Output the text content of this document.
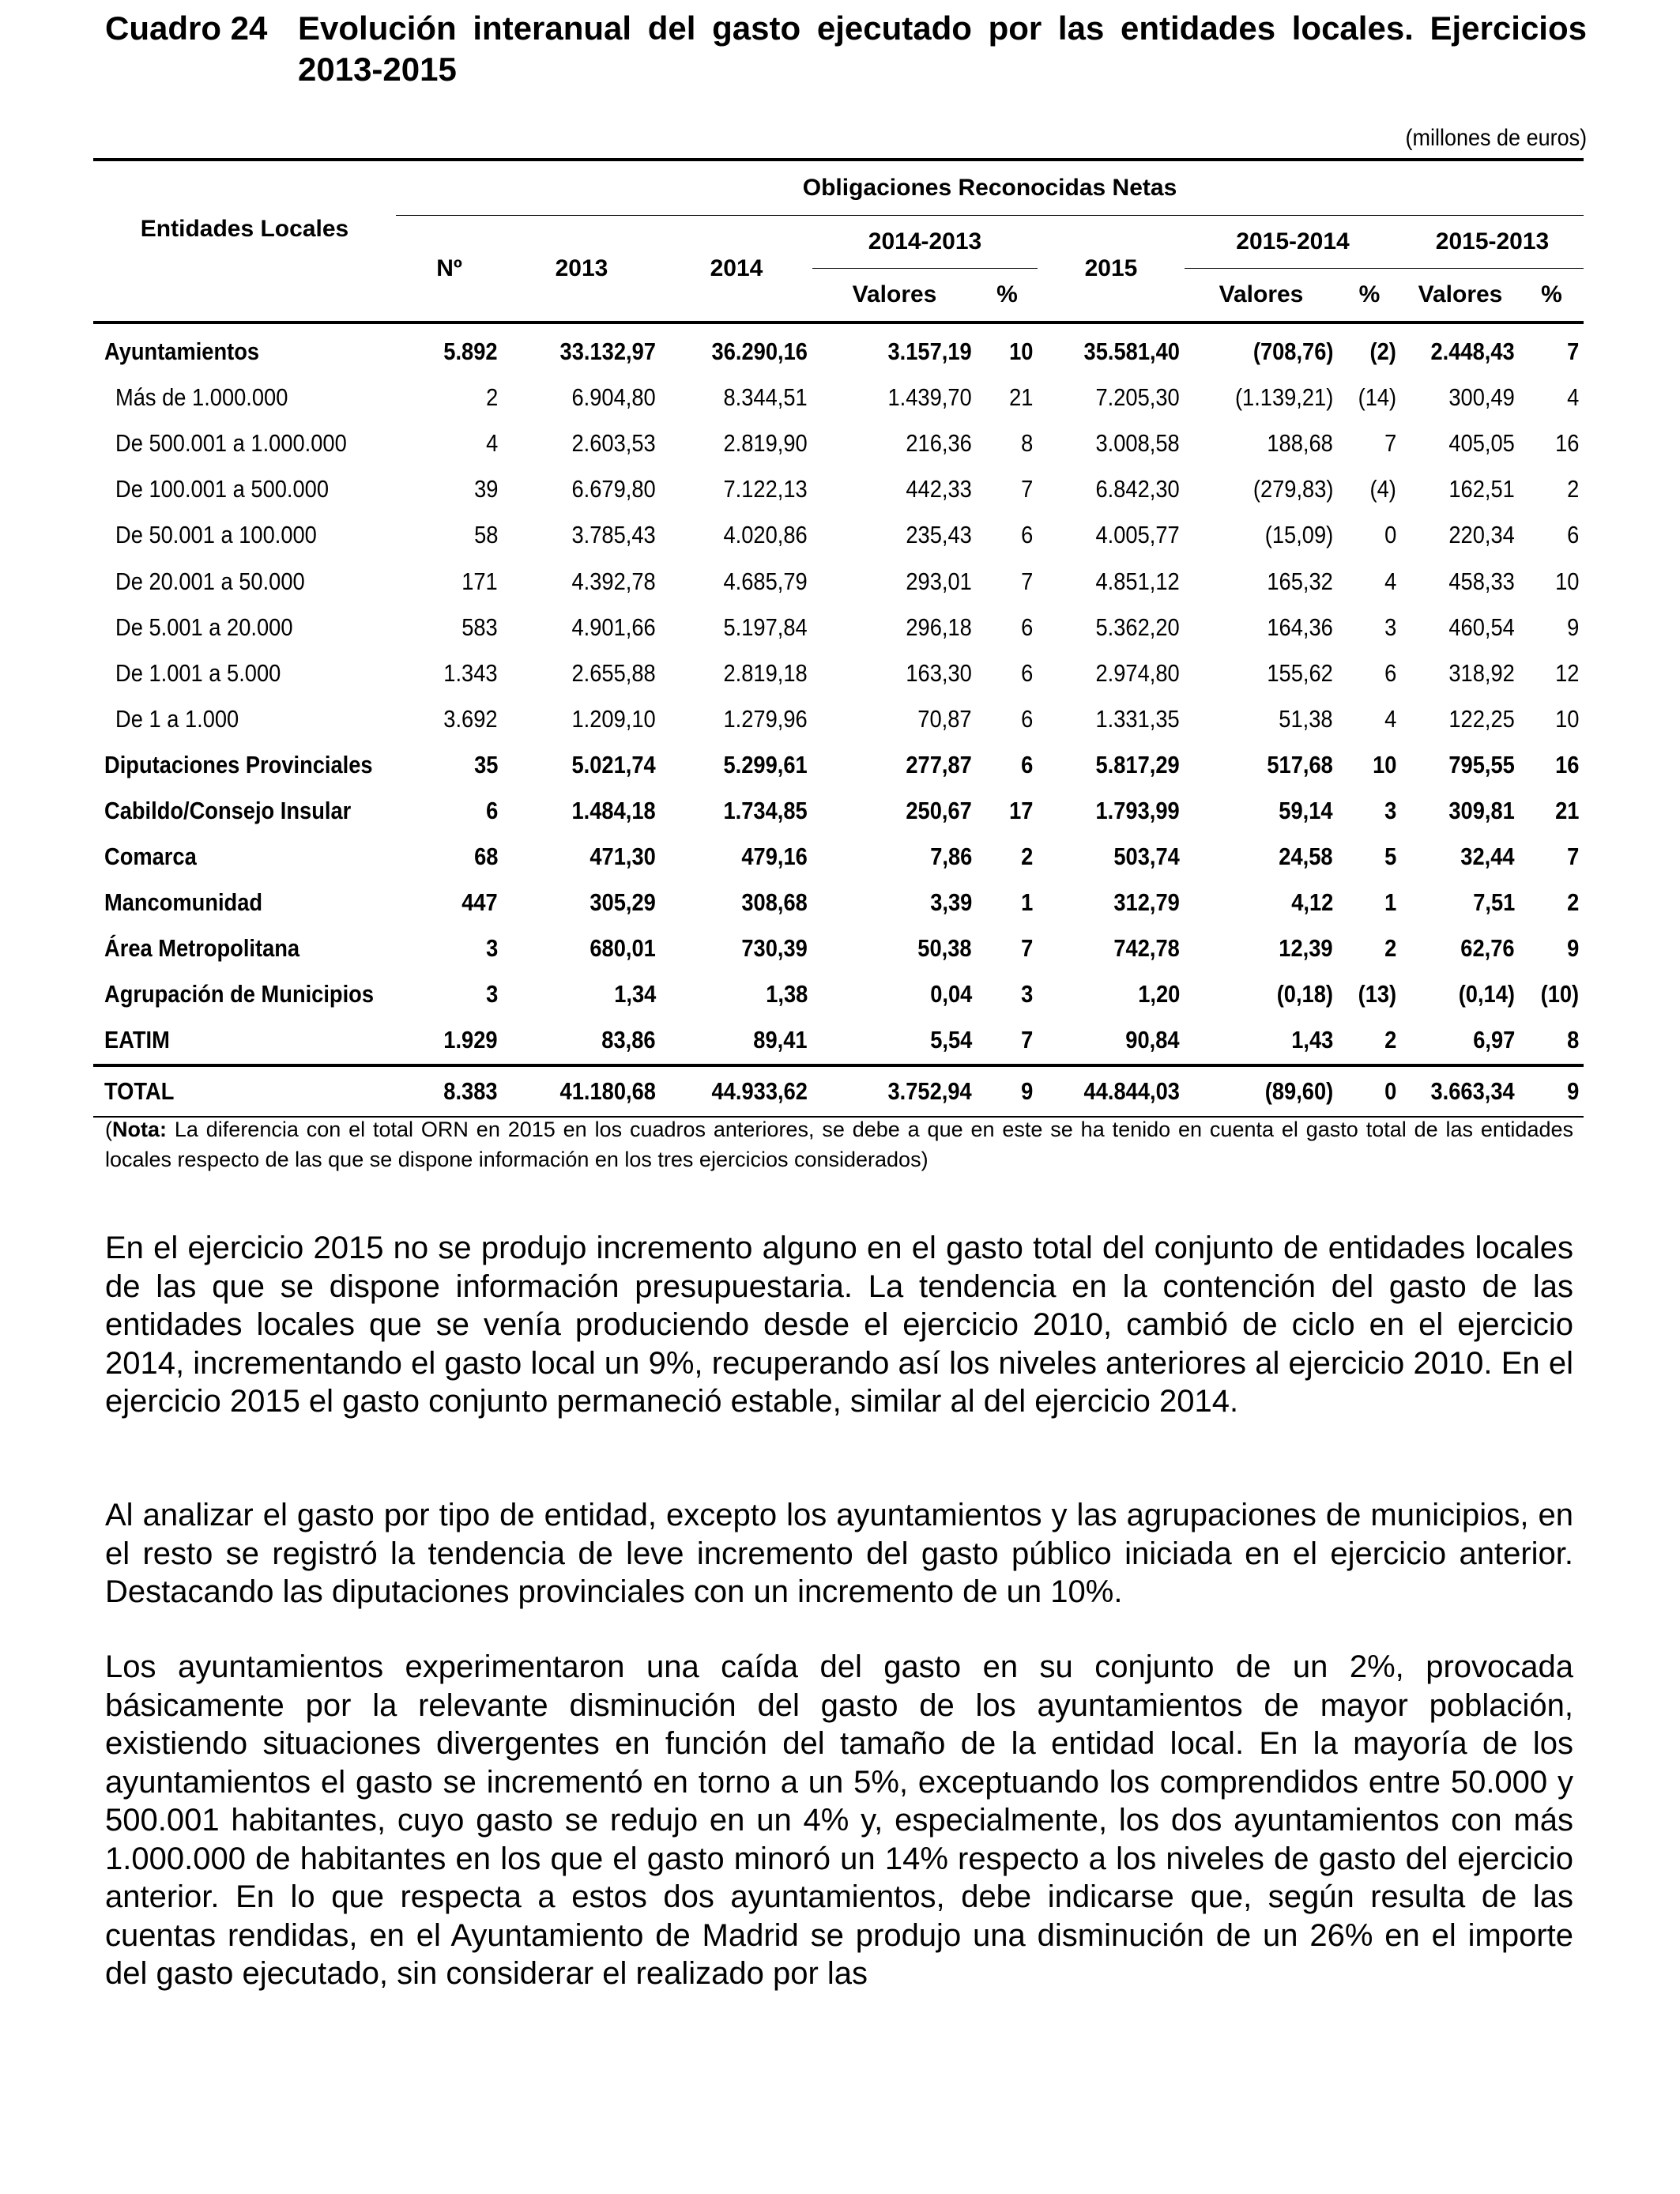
Cuadro 24 Evolución interanual del gasto ejecutado por las entidades locales. Ejercicios 2013-2015
(millones de euros)
Entidades Locales	Obligaciones Reconocidas Netas									
	Nº	2013	2014	2014-2013		2015	2015-2014		2015-2013	
				Valores	%		Valores	%	Valores	%
Ayuntamientos	5.892	33.132,97	36.290,16	3.157,19	10	35.581,40	(708,76)	(2)	2.448,43	7
Más de 1.000.000	2	6.904,80	8.344,51	1.439,70	21	7.205,30	(1.139,21)	(14)	300,49	4
De 500.001 a 1.000.000	4	2.603,53	2.819,90	216,36	8	3.008,58	188,68	7	405,05	16
De 100.001 a 500.000	39	6.679,80	7.122,13	442,33	7	6.842,30	(279,83)	(4)	162,51	2
De 50.001 a 100.000	58	3.785,43	4.020,86	235,43	6	4.005,77	(15,09)	0	220,34	6
De 20.001 a 50.000	171	4.392,78	4.685,79	293,01	7	4.851,12	165,32	4	458,33	10
De 5.001 a 20.000	583	4.901,66	5.197,84	296,18	6	5.362,20	164,36	3	460,54	9
De 1.001 a 5.000	1.343	2.655,88	2.819,18	163,30	6	2.974,80	155,62	6	318,92	12
De 1 a 1.000	3.692	1.209,10	1.279,96	70,87	6	1.331,35	51,38	4	122,25	10
Diputaciones Provinciales	35	5.021,74	5.299,61	277,87	6	5.817,29	517,68	10	795,55	16
Cabildo/Consejo Insular	6	1.484,18	1.734,85	250,67	17	1.793,99	59,14	3	309,81	21
Comarca	68	471,30	479,16	7,86	2	503,74	24,58	5	32,44	7
Mancomunidad	447	305,29	308,68	3,39	1	312,79	4,12	1	7,51	2
Área Metropolitana	3	680,01	730,39	50,38	7	742,78	12,39	2	62,76	9
Agrupación de Municipios	3	1,34	1,38	0,04	3	1,20	(0,18)	(13)	(0,14)	(10)
EATIM	1.929	83,86	89,41	5,54	7	90,84	1,43	2	6,97	8
TOTAL	8.383	41.180,68	44.933,62	3.752,94	9	44.844,03	(89,60)	0	3.663,34	9
(Nota: La diferencia con el total ORN en 2015 en los cuadros anteriores, se debe a que en este se ha tenido en cuenta el gasto total de las entidades locales respecto de las que se dispone información en los tres ejercicios considerados)

En el ejercicio 2015 no se produjo incremento alguno en el gasto total del conjunto de entidades locales de las que se dispone información presupuestaria. La tendencia en la contención del gasto de las entidades locales que se venía produciendo desde el ejercicio 2010, cambió de ciclo en el ejercicio 2014, incrementando el gasto local un 9%, recuperando así los niveles anteriores al ejercicio 2010. En el ejercicio 2015 el gasto conjunto permaneció estable, similar al del ejercicio 2014.

Al analizar el gasto por tipo de entidad, excepto los ayuntamientos y las agrupaciones de municipios, en el resto se registró la tendencia de leve incremento del gasto público iniciada en el ejercicio anterior. Destacando las diputaciones provinciales con un incremento de un 10%.

Los ayuntamientos experimentaron una caída del gasto en su conjunto de un 2%, provocada básicamente por la relevante disminución del gasto de los ayuntamientos de mayor población, existiendo situaciones divergentes en función del tamaño de la entidad local. En la mayoría de los ayuntamientos el gasto se incrementó en torno a un 5%, exceptuando los comprendidos entre 50.000 y 500.001 habitantes, cuyo gasto se redujo en un 4% y, especialmente, los dos ayuntamientos con más 1.000.000 de habitantes en los que el gasto minoró un 14% respecto a los niveles de gasto del ejercicio anterior. En lo que respecta a estos dos ayuntamientos, debe indicarse que, según resulta de las cuentas rendidas, en el Ayuntamiento de Madrid se produjo una disminución de un 26% en el importe del gasto ejecutado, sin considerar el realizado por las
